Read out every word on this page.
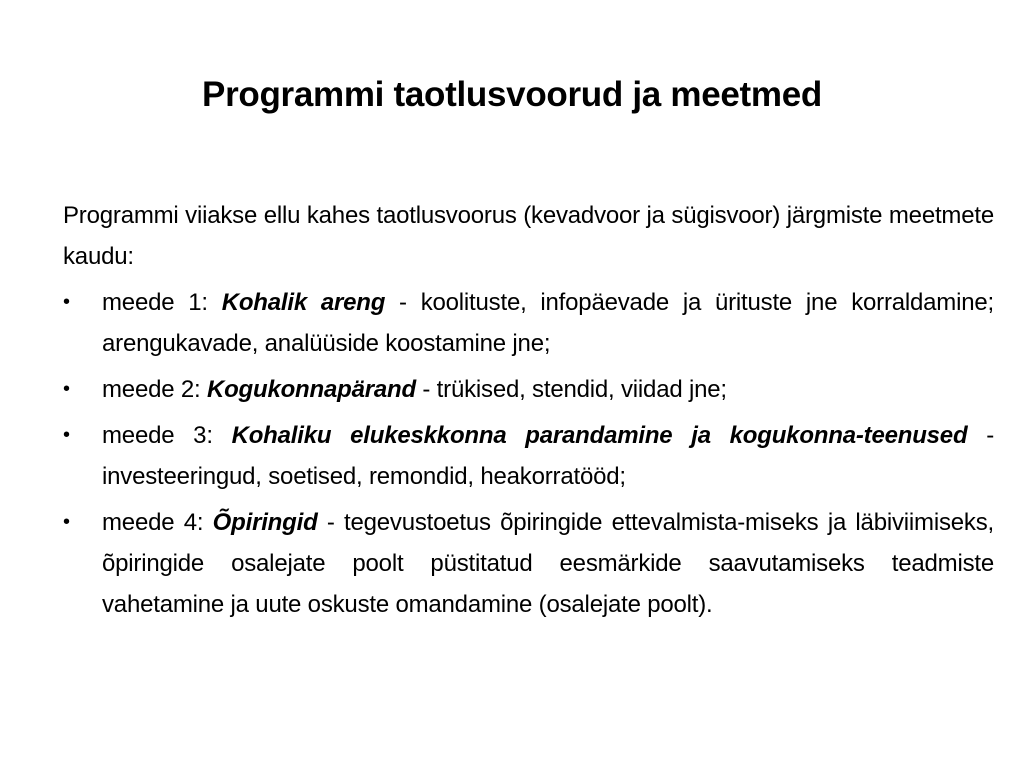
Programmi taotlusvoorud ja meetmed

Programmi viiakse ellu kahes taotlusvoorus (kevadvoor ja sügisvoor) järgmiste meetmete kaudu:

•	meede 1: Kohalik areng - koolituste, infopäevade ja ürituste jne korraldamine; arengukavade, analüüside koostamine jne;
•	meede 2: Kogukonnapärand - trükised, stendid, viidad jne;
•	meede 3: Kohaliku elukeskkonna parandamine ja kogukonna-teenused - investeeringud, soetised, remondid, heakorratööd;
•	meede 4: Õpiringid - tegevustoetus õpiringide ettevalmista-miseks ja läbiviimiseks, õpiringide osalejate poolt püstitatud eesmärkide saavutamiseks teadmiste vahetamine ja uute oskuste omandamine (osalejate poolt).
